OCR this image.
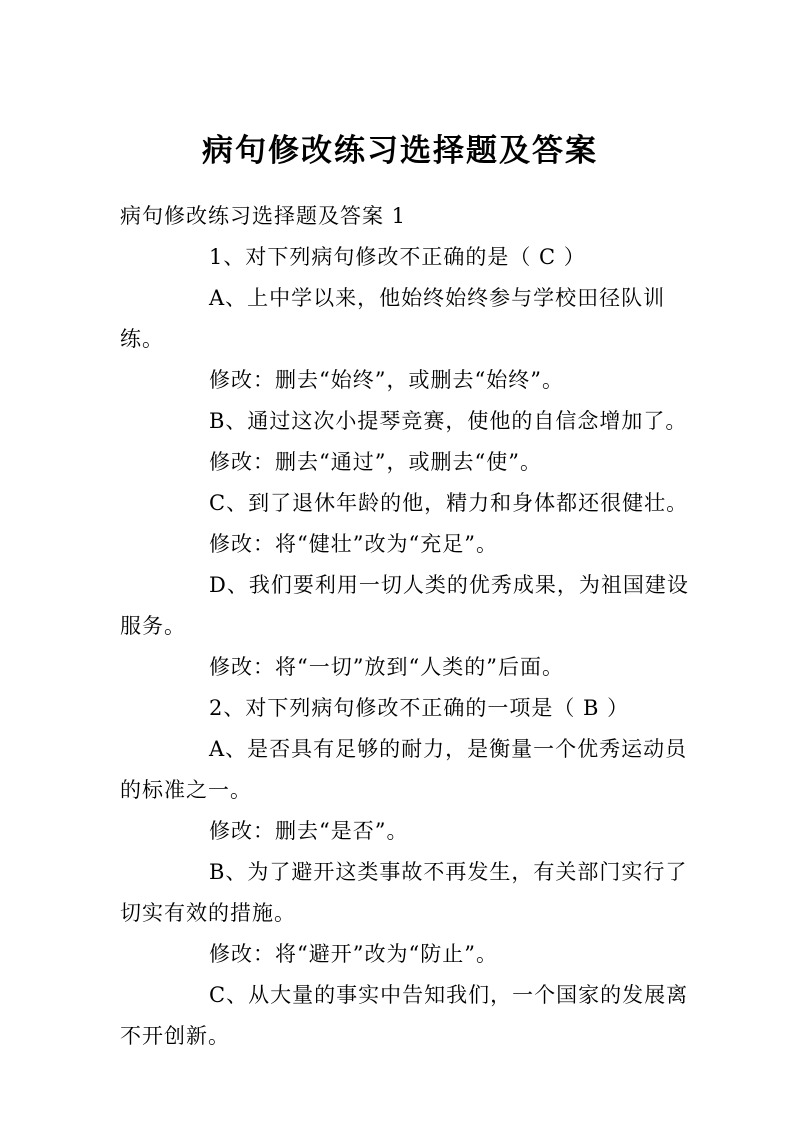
病句修改练习选择题及答案

病句修改练习选择题及答案 1

1、对下列病句修改不正确的是（ C ）

A、上中学以来，他始终始终参与学校田径队训练。

修改：删去“始终”，或删去“始终”。

B、通过这次小提琴竞赛，使他的自信念增加了。

修改：删去“通过”，或删去“使”。

C、到了退休年龄的他，精力和身体都还很健壮。

修改：将“健壮”改为“充足”。

D、我们要利用一切人类的优秀成果，为祖国建设服务。

修改：将“一切”放到“人类的”后面。

2、对下列病句修改不正确的一项是（ B ）

A、是否具有足够的耐力，是衡量一个优秀运动员的标准之一。

修改：删去“是否”。

B、为了避开这类事故不再发生，有关部门实行了切实有效的措施。

修改：将“避开”改为“防止”。

C、从大量的事实中告知我们，一个国家的发展离不开创新。
